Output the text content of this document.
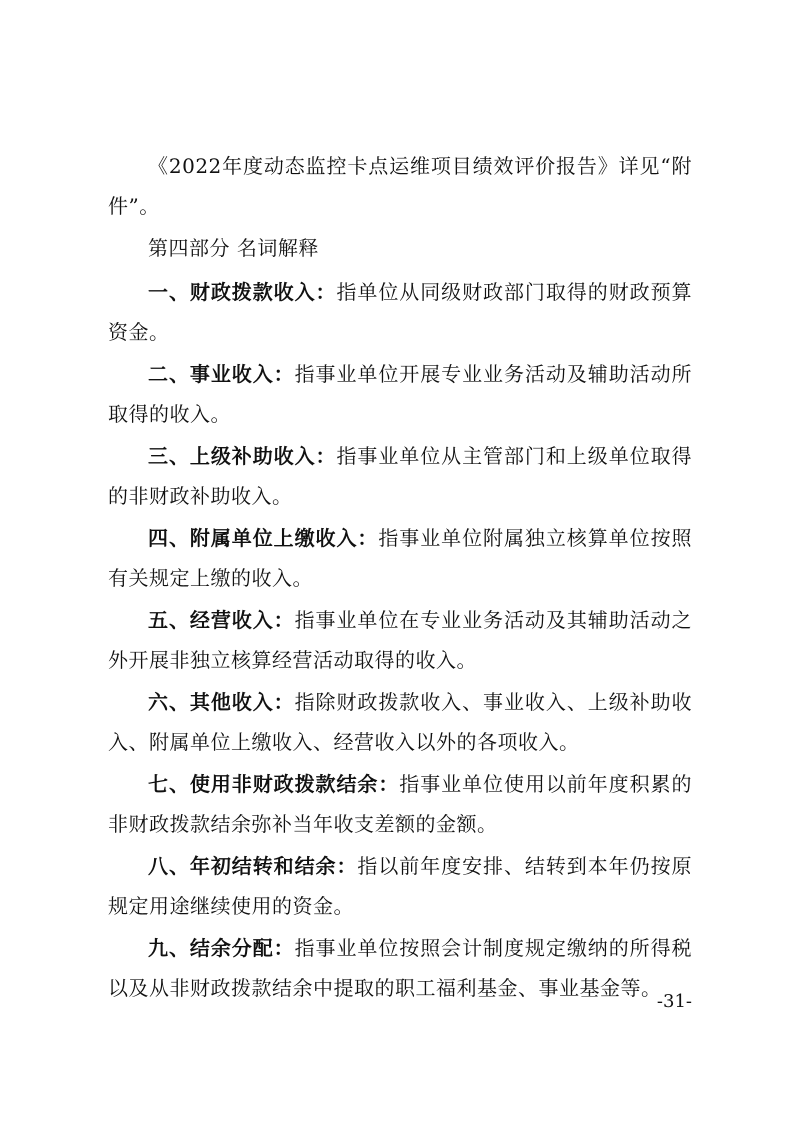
《2022年度动态监控卡点运维项目绩效评价报告》详见“附件”。

第四部分 名词解释

一、财政拨款收入：指单位从同级财政部门取得的财政预算资金。

二、事业收入：指事业单位开展专业业务活动及辅助活动所取得的收入。

三、上级补助收入：指事业单位从主管部门和上级单位取得的非财政补助收入。

四、附属单位上缴收入：指事业单位附属独立核算单位按照有关规定上缴的收入。

五、经营收入：指事业单位在专业业务活动及其辅助活动之外开展非独立核算经营活动取得的收入。

六、其他收入：指除财政拨款收入、事业收入、上级补助收入、附属单位上缴收入、经营收入以外的各项收入。

七、使用非财政拨款结余：指事业单位使用以前年度积累的非财政拨款结余弥补当年收支差额的金额。

八、年初结转和结余：指以前年度安排、结转到本年仍按原规定用途继续使用的资金。

九、结余分配：指事业单位按照会计制度规定缴纳的所得税以及从非财政拨款结余中提取的职工福利基金、事业基金等。

-31-
